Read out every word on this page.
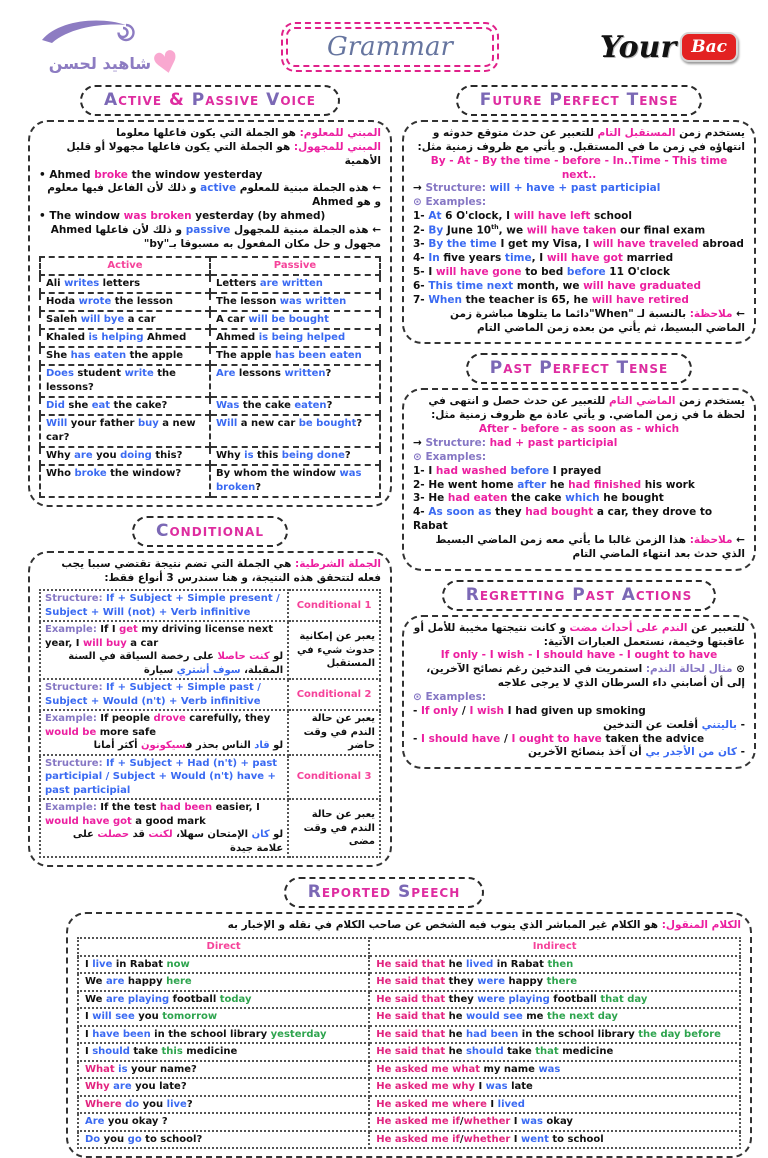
♥
شاهيد لحسن
Grammar	Your Bac
Active & Passive Voice
المبني للمعلوم: هو الجملة التي يكون فاعلها معلوما
المبني للمجهول: هو الجملة التي يكون فاعلها مجهولا أو قليل الأهمية
• Ahmed broke the window yesterday
← هذه الجملة مبنية للمعلوم active و ذلك لأن الفاعل فيها معلوم و هو Ahmed
• The window was broken yesterday (by ahmed)
← هذه الجملة مبنية للمجهول passive و ذلك لأن فاعلها Ahmed مجهول و حل مكان المفعول به مسبوقا بـ"by"
Active	Passive

Ali writes letters	Letters are written

Hoda wrote the lesson	The lesson was written

Saleh will bye a car	A car will be bought

Khaled is helping Ahmed	Ahmed is being helped

She has eaten the apple	The apple has been eaten

Does student write the lessons?	Are lessons written?

Did she eat the cake?	Was the cake eaten?

Will your father buy a new car?	Will a new car be bought?

Why are you doing this?	Why is this being done?

Who broke the window?	By whom the window was broken?
Conditional
الجملة الشرطية: هي الجملة التي تضم نتيجة تقتضي سببا يجب فعله لتتحقق هذه النتيجة، و هنا سندرس 3 أنواع فقط:
Structure: If + Subject + Simple present / Subject + Will (not) + Verb infinitive	Conditional 1

Example: If I get my driving license next year, I will buy a car
لو كنت حاصلا على رخصة السياقة في السنة المقبلة، سوف أشتري سيارة	يعبر عن إمكانية حدوث شيء في المستقبل

Structure: If + Subject + Simple past / Subject + Would (n't) + Verb infinitive	Conditional 2

Example: If people drove carefully, they would be more safe
لو قاد الناس بحذر فسيكونون أكثر أمانا	يعبر عن حالة الندم في وقت حاضر

Structure: If + Subject + Had (n't) + past participial / Subject + Would (n't) have + past participial	Conditional 3

Example: If the test had been easier, I would have got a good mark
لو كان الإمتحان سهلا، لكنت قد حصلت على علامة جيدة	يعبر عن حالة الندم في وقت مضى
Future Perfect Tense
يستخدم زمن المستقبل التام للتعبير عن حدث متوقع حدوثه و انتهاؤه في زمن ما في المستقبل. و يأتي مع ظروف زمنية مثل:
By - At - By the time - before - In..Time - This time next..
→ Structure: will + have + past participial
⊙ Examples:
1- At 6 O'clock, I will have left school
2- By June 10th, we will have taken our final exam
3- By the time I get my Visa, I will have traveled abroad
4- In five years time, I will have got married
5- I will have gone to bed before 11 O'clock
6- This time next month, we will have graduated
7- When the teacher is 65, he will have retired
← ملاحظة: بالنسبة لـ "When"دائما ما يتلوها مباشرة زمن الماضي البسيط، ثم يأتي من بعده زمن الماضي التام
Past Perfect Tense
يستخدم زمن الماضي التام للتعبير عن حدث حصل و انتهى في لحظة ما في زمن الماضي. و يأتي عادة مع ظروف زمنية مثل:
After - before - as soon as - which
→ Structure: had + past participial
⊙ Examples:
1- I had washed before I prayed
2- He went home after he had finished his work
3- He had eaten the cake which he bought
4- As soon as they had bought a car, they drove to Rabat
← ملاحظة: هذا الزمن غالبا ما يأتي معه زمن الماضي البسيط الذي حدث بعد انتهاء الماضي التام
Regretting Past Actions
للتعبير عن الندم على أحداث مضت و كانت نتيجتها مخيبة للأمل أو عاقبتها وخيمة، نستعمل العبارات الآتية:
If only - I wish - I should have - I ought to have
⊙ مثال لحالة الندم: استمريت في التدخين رغم نصائح الآخرين، إلى أن أصابني داء السرطان الذي لا يرجى علاجه
⊙ Examples:
- If only / I wish I had given up smoking
- باليتني أقلعت عن التدخين
- I should have / I ought to have taken the advice
- كان من الأجدر بي أن آخذ بنصائح الآخرين
Reported Speech
الكلام المنقول: هو الكلام غير المباشر الذي ينوب فيه الشخص عن صاحب الكلام في نقله و الإخبار به
Direct	Indirect

I live in Rabat now	He said that he lived in Rabat then

We are happy here	He said that they were happy there

We are playing football today	He said that they were playing football that day

I will see you tomorrow	He said that he would see me the next day

I have been in the school library yesterday	He said that he had been in the school library the day before

I should take this medicine	He said that he should take that medicine

What is your name?	He asked me what my name was

Why are you late?	He asked me why I was late

Where do you live?	He asked me where I lived

Are you okay ?	He asked me if/whether I was okay

Do you go to school?	He asked me if/whether I went to school
